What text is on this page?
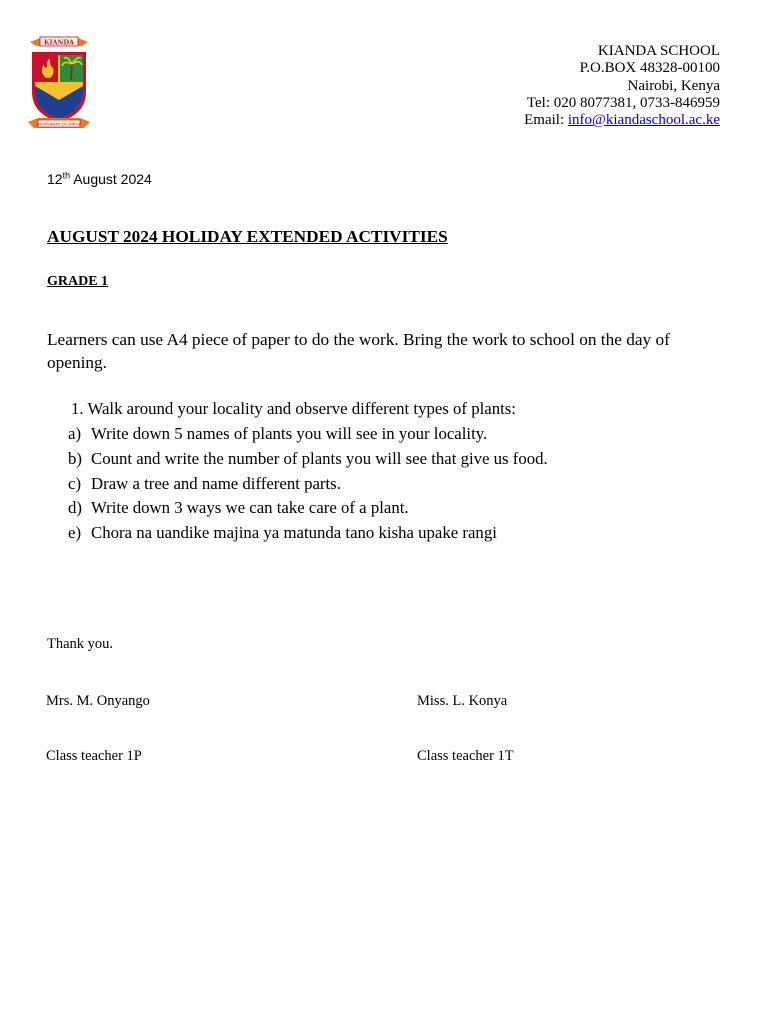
KIANDA
INSTRUMENT OF VIRTUE
KIANDA SCHOOL
P.O.BOX 48328-00100
Nairobi, Kenya
Tel: 020 8077381, 0733-846959
Email: info@kiandaschool.ac.ke
12th August 2024
AUGUST 2024 HOLIDAY EXTENDED ACTIVITIES
GRADE 1

Learners can use A4 piece of paper to do the work. Bring the work to school on the day of opening.

1. Walk around your locality and observe different types of plants:
a) Write down 5 names of plants you will see in your locality.
b) Count and write the number of plants you will see that give us food.
c) Draw a tree and name different parts.
d) Write down 3 ways we can take care of a plant.
e) Chora na uandike majina ya matunda tano kisha upake rangi
Thank you.
Mrs. M. Onyango	Miss. L. Konya
Class teacher 1P	Class teacher 1T
